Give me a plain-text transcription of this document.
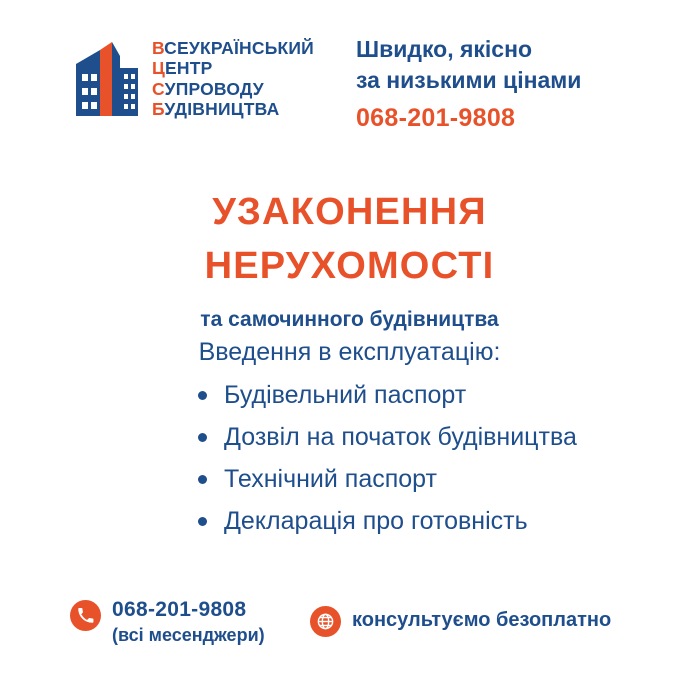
ВСЕУКРАЇНСЬКИЙ
ЦЕНТР
СУПРОВОДУ
БУДІВНИЦТВА
Швидко, якісно
за низькими цінами
068-201-9808
УЗАКОНЕННЯ
НЕРУХОМОСТІ
та самочинного будівництва
Введення в експлуатацію:
Будівельний паспорт
Дозвіл на початок будівництва
Технічний паспорт
Декларація про готовність
068-201-9808
(всі месенджери)
консультуємо безоплатно
